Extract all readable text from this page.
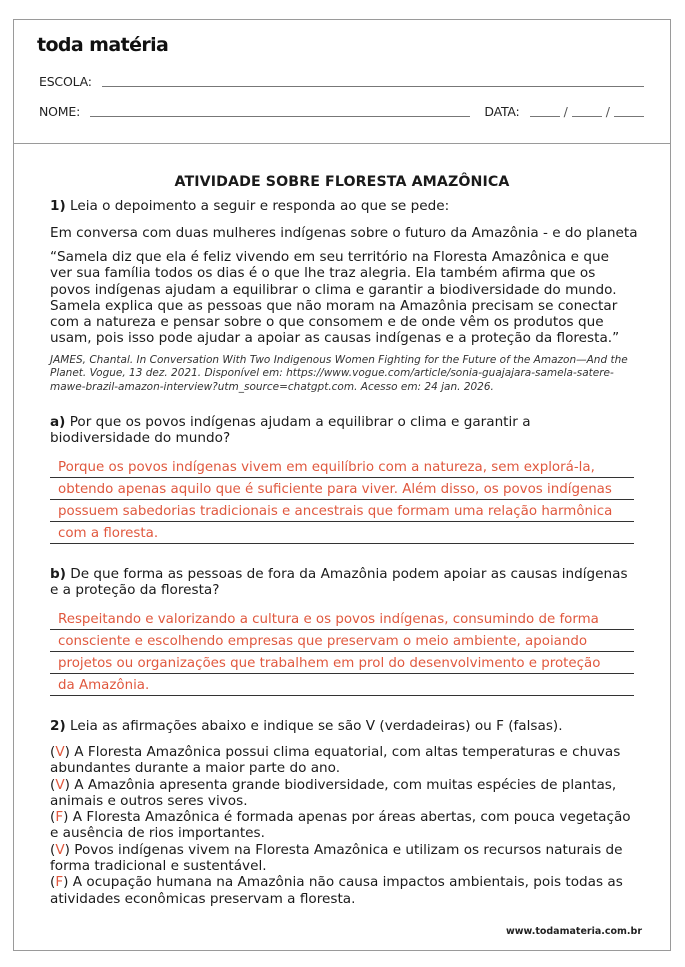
toda matéria
ESCOLA:
NOME:	DATA:	/	/
ATIVIDADE SOBRE FLORESTA AMAZÔNICA
1) Leia o depoimento a seguir e responda ao que se pede:
Em conversa com duas mulheres indígenas sobre o futuro da Amazônia - e do planeta
“Samela diz que ela é feliz vivendo em seu território na Floresta Amazônica e que ver sua família todos os dias é o que lhe traz alegria. Ela também afirma que os povos indígenas ajudam a equilibrar o clima e garantir a biodiversidade do mundo. Samela explica que as pessoas que não moram na Amazônia precisam se conectar com a natureza e pensar sobre o que consomem e de onde vêm os produtos que usam, pois isso pode ajudar a apoiar as causas indígenas e a proteção da floresta.”
JAMES, Chantal. In Conversation With Two Indigenous Women Fighting for the Future of the Amazon—And the Planet. Vogue, 13 dez. 2021. Disponível em: https://www.vogue.com/article/sonia-guajajara-samela-satere-mawe-brazil-amazon-interview?utm_source=chatgpt.com. Acesso em: 24 jan. 2026.
a) Por que os povos indígenas ajudam a equilibrar o clima e garantir a biodiversidade do mundo?
Porque os povos indígenas vivem em equilíbrio com a natureza, sem explorá-la,
obtendo apenas aquilo que é suficiente para viver. Além disso, os povos indígenas
possuem sabedorias tradicionais e ancestrais que formam uma relação harmônica
com a floresta.
b) De que forma as pessoas de fora da Amazônia podem apoiar as causas indígenas e a proteção da floresta?
Respeitando e valorizando a cultura e os povos indígenas, consumindo de forma
consciente e escolhendo empresas que preservam o meio ambiente, apoiando
projetos ou organizações que trabalhem em prol do desenvolvimento e proteção
da Amazônia.
2) Leia as afirmações abaixo e indique se são V (verdadeiras) ou F (falsas).

(V) A Floresta Amazônica possui clima equatorial, com altas temperaturas e chuvas abundantes durante a maior parte do ano.

(V) A Amazônia apresenta grande biodiversidade, com muitas espécies de plantas, animais e outros seres vivos.

(F) A Floresta Amazônica é formada apenas por áreas abertas, com pouca vegetação e ausência de rios importantes.

(V) Povos indígenas vivem na Floresta Amazônica e utilizam os recursos naturais de forma tradicional e sustentável.

(F) A ocupação humana na Amazônia não causa impactos ambientais, pois todas as atividades econômicas preservam a floresta.

www.todamateria.com.br
